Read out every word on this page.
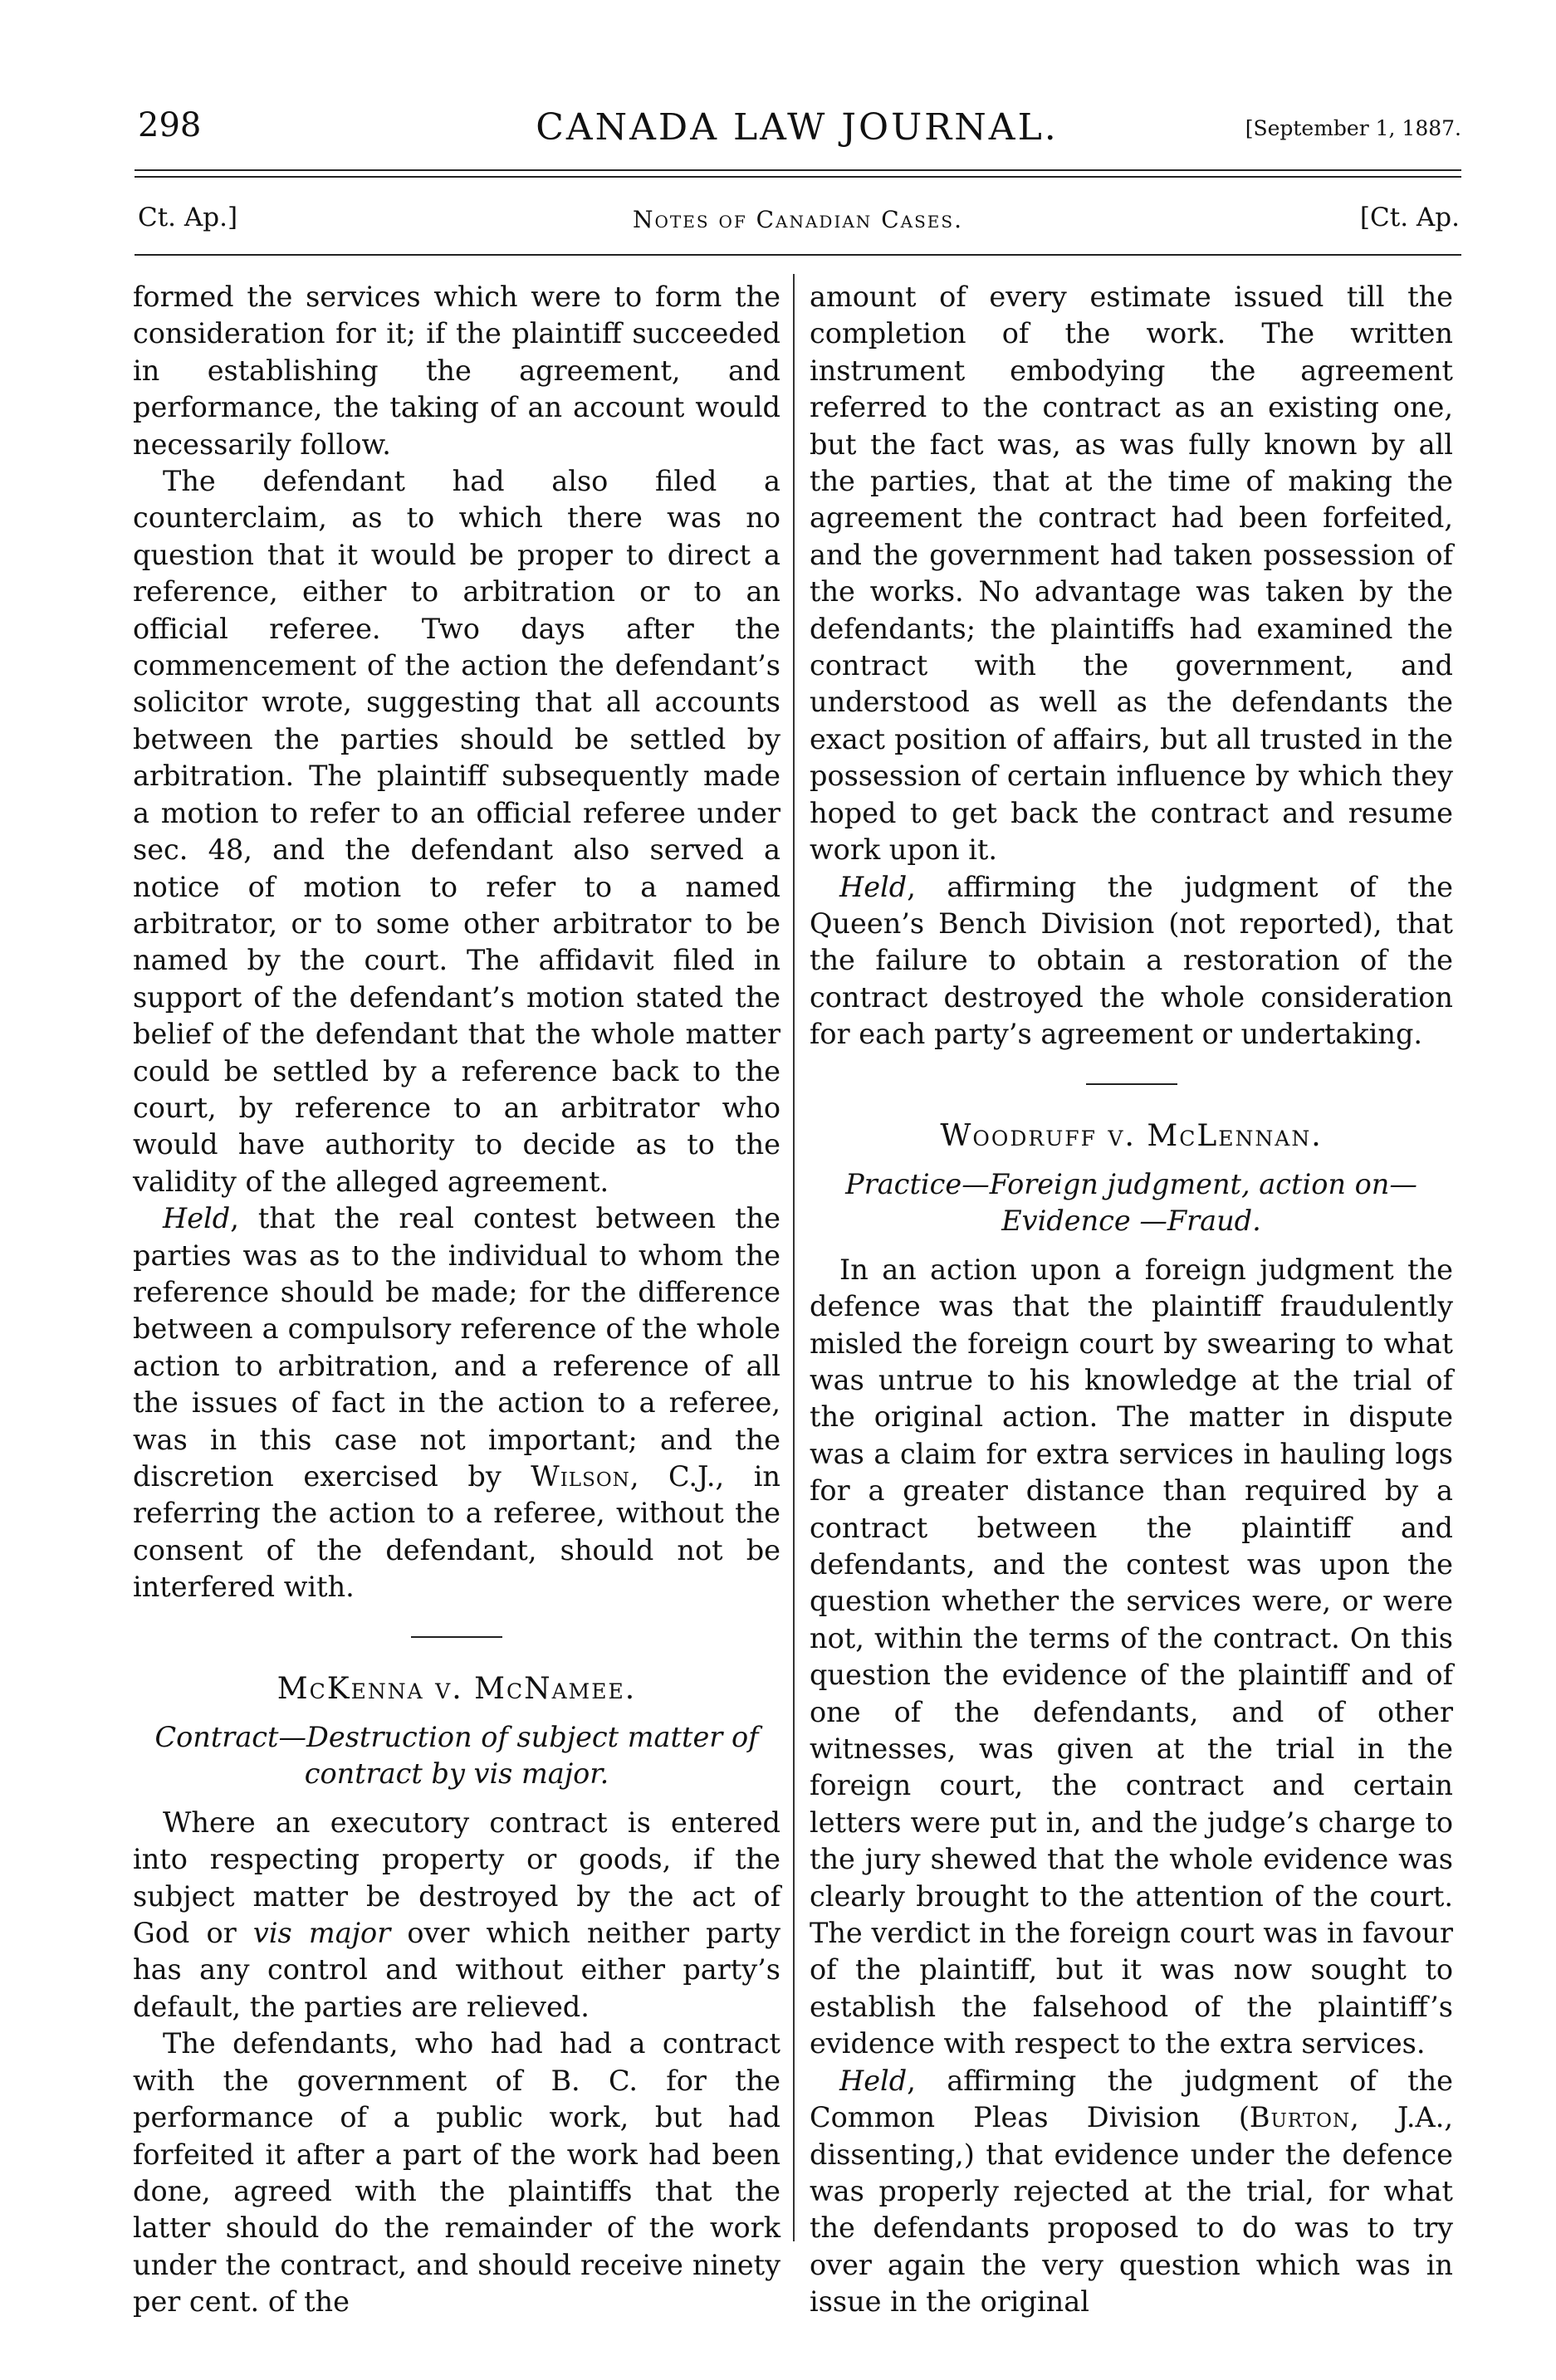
298	CANADA LAW JOURNAL.	[September 1, 1887.
Ct. Ap.]	Notes of Canadian Cases.	[Ct. Ap.

formed the services which were to form the consideration for it; if the plaintiff succeeded in establishing the agreement, and performance, the taking of an account would necessarily follow.

The defendant had also filed a counterclaim, as to which there was no question that it would be proper to direct a reference, either to arbitration or to an official referee. Two days after the commencement of the action the defendant’s solicitor wrote, suggesting that all accounts between the parties should be settled by arbitration. The plaintiff subsequently made a motion to refer to an official referee under sec. 48, and the defendant also served a notice of motion to refer to a named arbitrator, or to some other arbitrator to be named by the court. The affidavit filed in support of the defendant’s motion stated the belief of the defendant that the whole matter could be settled by a reference back to the court, by reference to an arbitrator who would have authority to decide as to the validity of the alleged agreement.

Held, that the real contest between the parties was as to the individual to whom the reference should be made; for the difference between a compulsory reference of the whole action to arbitration, and a reference of all the issues of fact in the action to a referee, was in this case not important; and the discretion exercised by Wilson, C.J., in referring the action to a referee, without the consent of the defendant, should not be interfered with.

McKenna v. McNamee.
Contract—Destruction of subject matter of contract by vis major.

Where an executory contract is entered into respecting property or goods, if the subject matter be destroyed by the act of God or vis major over which neither party has any control and without either party’s default, the parties are relieved.

The defendants, who had had a contract with the government of B. C. for the performance of a public work, but had forfeited it after a part of the work had been done, agreed with the plaintiffs that the latter should do the remainder of the work under the contract, and should receive ninety per cent. of the

amount of every estimate issued till the completion of the work. The written instrument embodying the agreement referred to the contract as an existing one, but the fact was, as was fully known by all the parties, that at the time of making the agreement the contract had been forfeited, and the government had taken possession of the works. No advantage was taken by the defendants; the plaintiffs had examined the contract with the government, and understood as well as the defendants the exact position of affairs, but all trusted in the possession of certain influence by which they hoped to get back the contract and resume work upon it.

Held, affirming the judgment of the Queen’s Bench Division (not reported), that the failure to obtain a restoration of the contract destroyed the whole consideration for each party’s agreement or undertaking.

Woodruff v. McLennan.
Practice—Foreign judgment, action on—Evidence —Fraud.

In an action upon a foreign judgment the defence was that the plaintiff fraudulently misled the foreign court by swearing to what was untrue to his knowledge at the trial of the original action. The matter in dispute was a claim for extra services in hauling logs for a greater distance than required by a contract between the plaintiff and defendants, and the contest was upon the question whether the services were, or were not, within the terms of the contract. On this question the evidence of the plaintiff and of one of the defendants, and of other witnesses, was given at the trial in the foreign court, the contract and certain letters were put in, and the judge’s charge to the jury shewed that the whole evidence was clearly brought to the attention of the court. The verdict in the foreign court was in favour of the plaintiff, but it was now sought to establish the falsehood of the plaintiff’s evidence with respect to the extra services.

Held, affirming the judgment of the Common Pleas Division (Burton, J.A., dissenting,) that evidence under the defence was properly rejected at the trial, for what the defendants proposed to do was to try over again the very question which was in issue in the original
